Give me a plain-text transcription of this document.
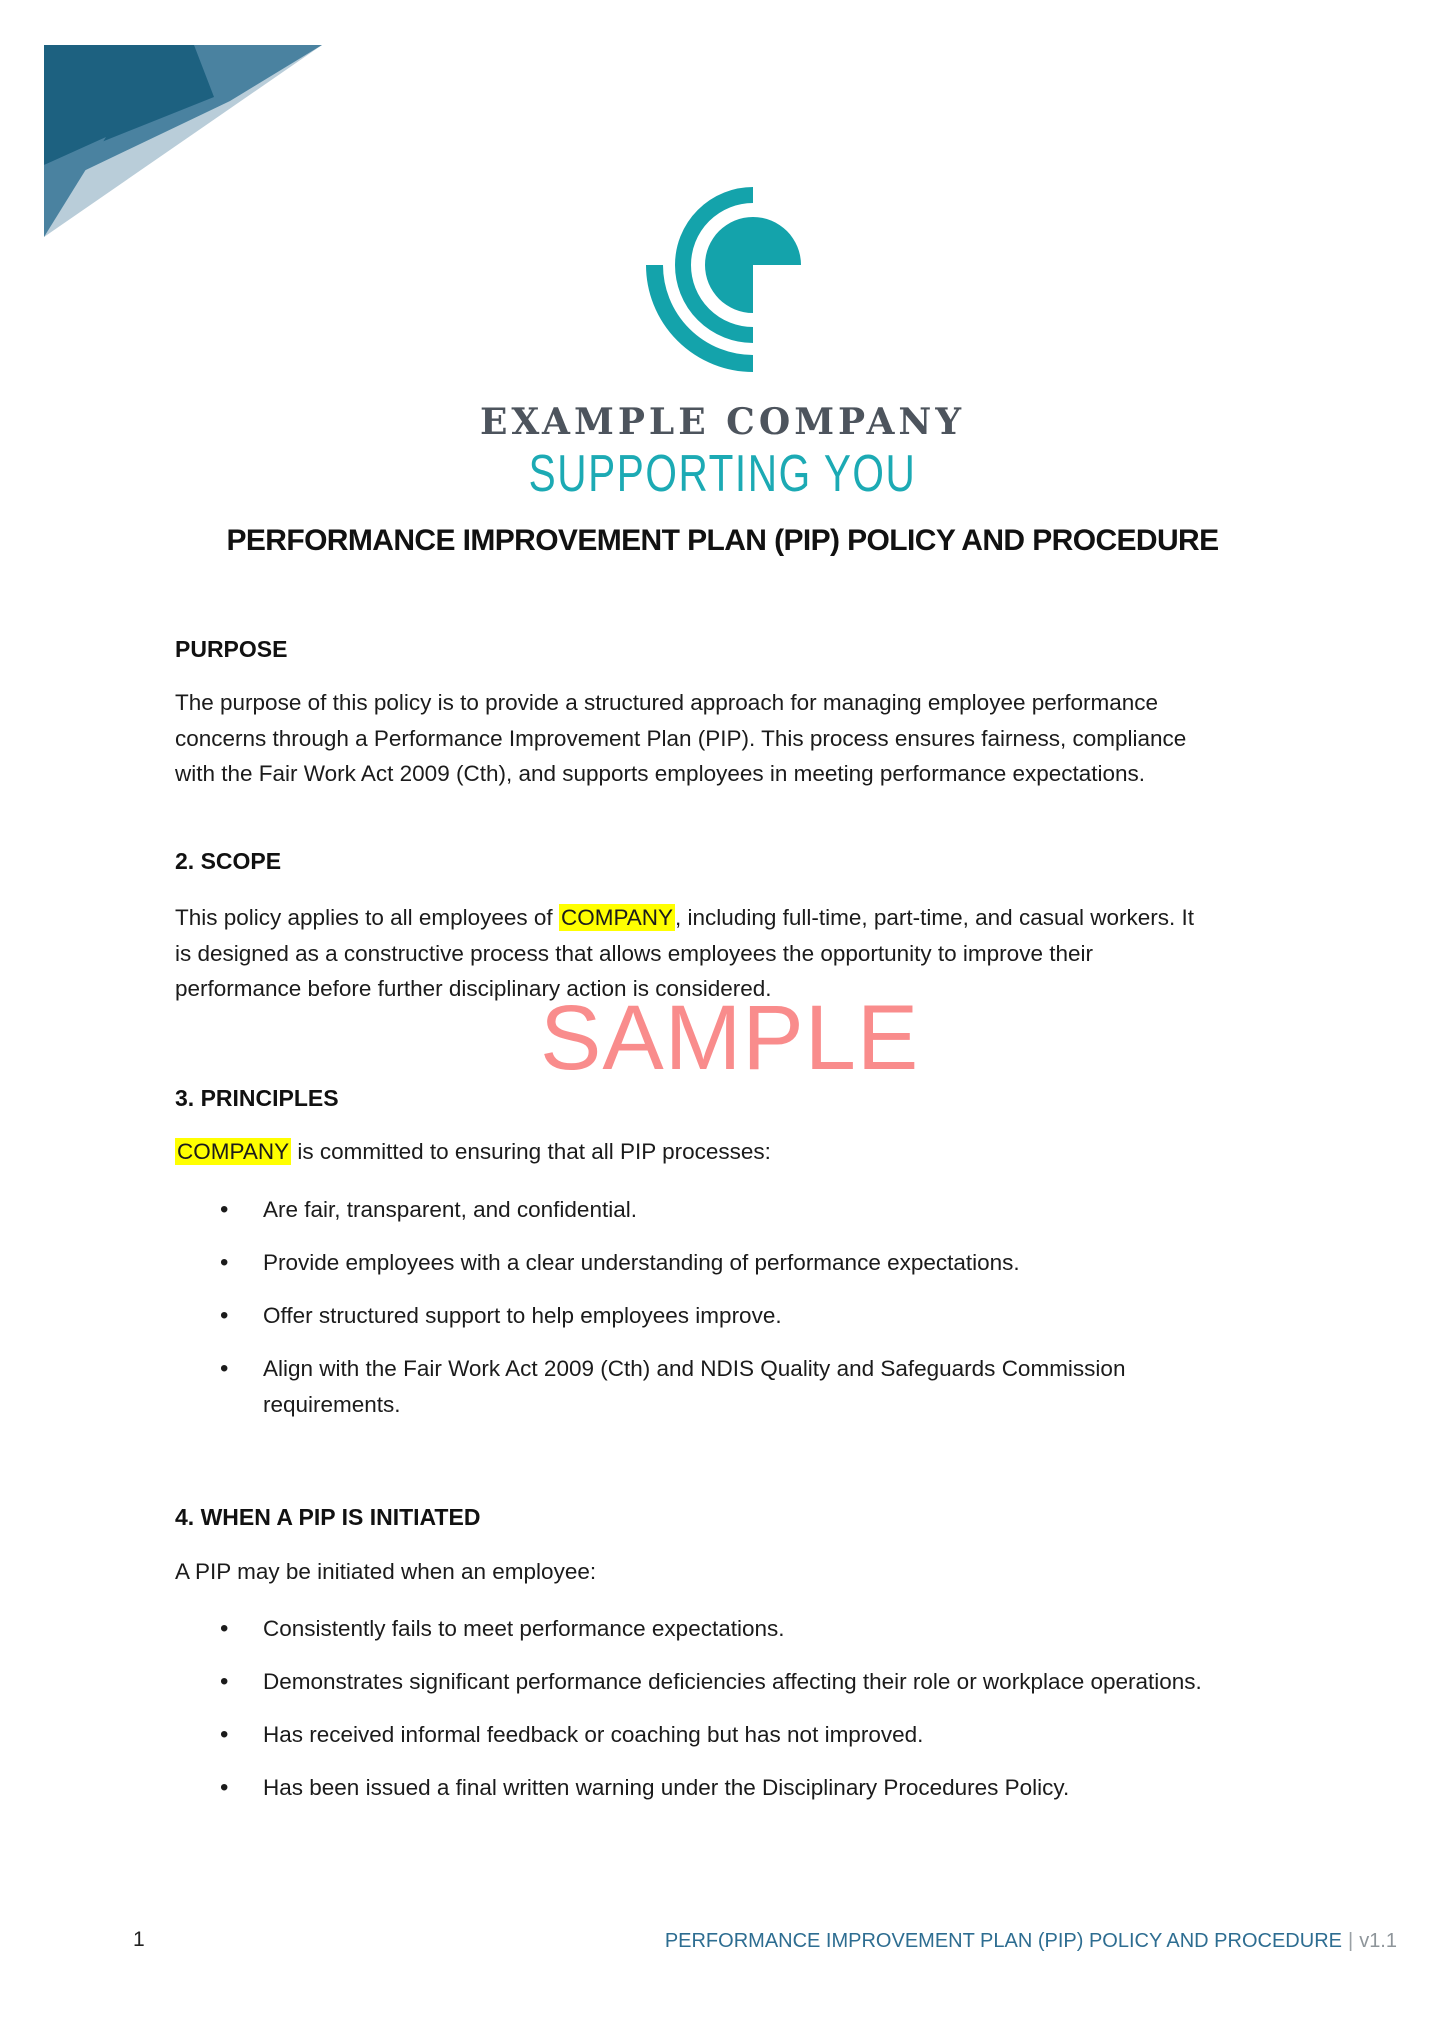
EXAMPLE COMPANY
SUPPORTING YOU
PERFORMANCE IMPROVEMENT PLAN (PIP) POLICY AND PROCEDURE
PURPOSE

The purpose of this policy is to provide a structured approach for managing employee performance concerns through a Performance Improvement Plan (PIP). This process ensures fairness, compliance with the Fair Work Act 2009 (Cth), and supports employees in meeting performance expectations.

2. SCOPE

This policy applies to all employees of COMPANY, including full-time, part-time, and casual workers. It is designed as a constructive process that allows employees the opportunity to improve their performance before further disciplinary action is considered.

3. PRINCIPLES

COMPANY is committed to ensuring that all PIP processes:

• Are fair, transparent, and confidential.
• Provide employees with a clear understanding of performance expectations.
• Offer structured support to help employees improve.
• Align with the Fair Work Act 2009 (Cth) and NDIS Quality and Safeguards Commission requirements.
4. WHEN A PIP IS INITIATED

A PIP may be initiated when an employee:

• Consistently fails to meet performance expectations.
• Demonstrates significant performance deficiencies affecting their role or workplace operations.
• Has received informal feedback or coaching but has not improved.
• Has been issued a final written warning under the Disciplinary Procedures Policy.
SAMPLE
1	PERFORMANCE IMPROVEMENT PLAN (PIP) POLICY AND PROCEDURE | v1.1
